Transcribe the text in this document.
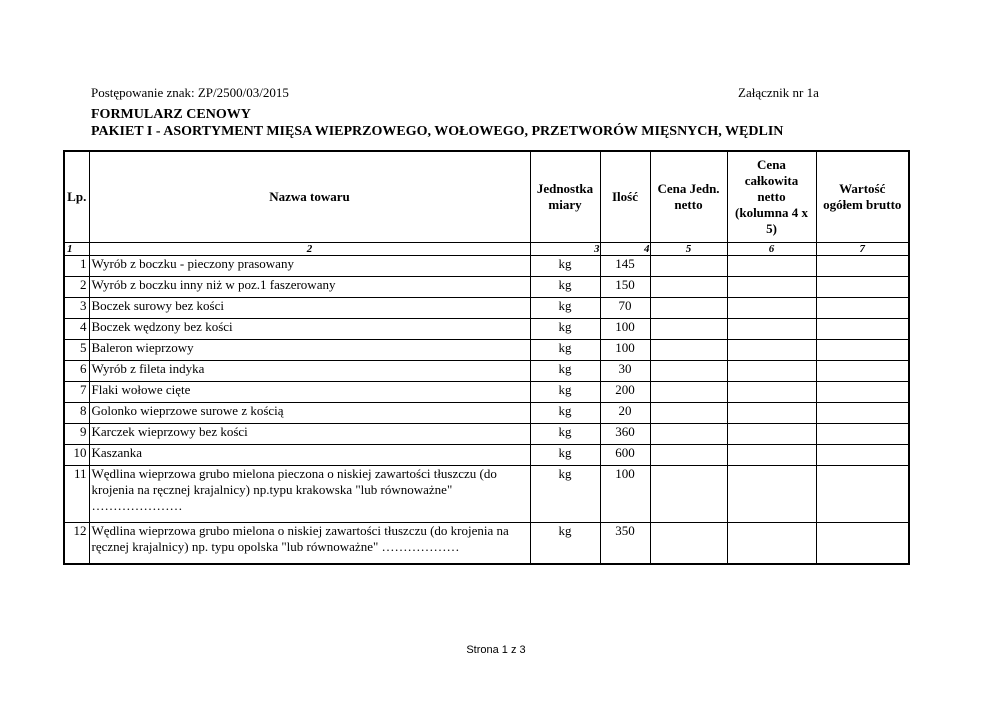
Postępowanie znak: ZP/2500/03/2015	Załącznik nr 1a
FORMULARZ CENOWY
PAKIET I - ASORTYMENT MIĘSA WIEPRZOWEGO, WOŁOWEGO, PRZETWORÓW MIĘSNYCH, WĘDLIN
Lp.	Nazwa towaru	Jednostka miary	Ilość	Cena Jedn. netto	Cena całkowita netto (kolumna 4 x 5)	Wartość ogółem brutto
1	2	3	4	5	6	7
1	Wyrób z boczku - pieczony prasowany	kg	145			
2	Wyrób z boczku inny niż w poz.1 faszerowany	kg	150			
3	Boczek surowy bez kości	kg	70			
4	Boczek wędzony bez kości	kg	100			
5	Baleron wieprzowy	kg	100			
6	Wyrób z fileta indyka	kg	30			
7	Flaki wołowe cięte	kg	200			
8	Golonko wieprzowe surowe z kością	kg	20			
9	Karczek wieprzowy bez kości	kg	360			
10	Kaszanka	kg	600			
11	Wędlina wieprzowa grubo mielona pieczona o niskiej zawartości tłuszczu (do krojenia na ręcznej krajalnicy) np.typu krakowska "lub równoważne" …………………	kg	100			
12	Wędlina wieprzowa grubo mielona o niskiej zawartości tłuszczu (do krojenia na ręcznej krajalnicy) np. typu opolska "lub równoważne" ………………	kg	350			
Strona 1 z 3
